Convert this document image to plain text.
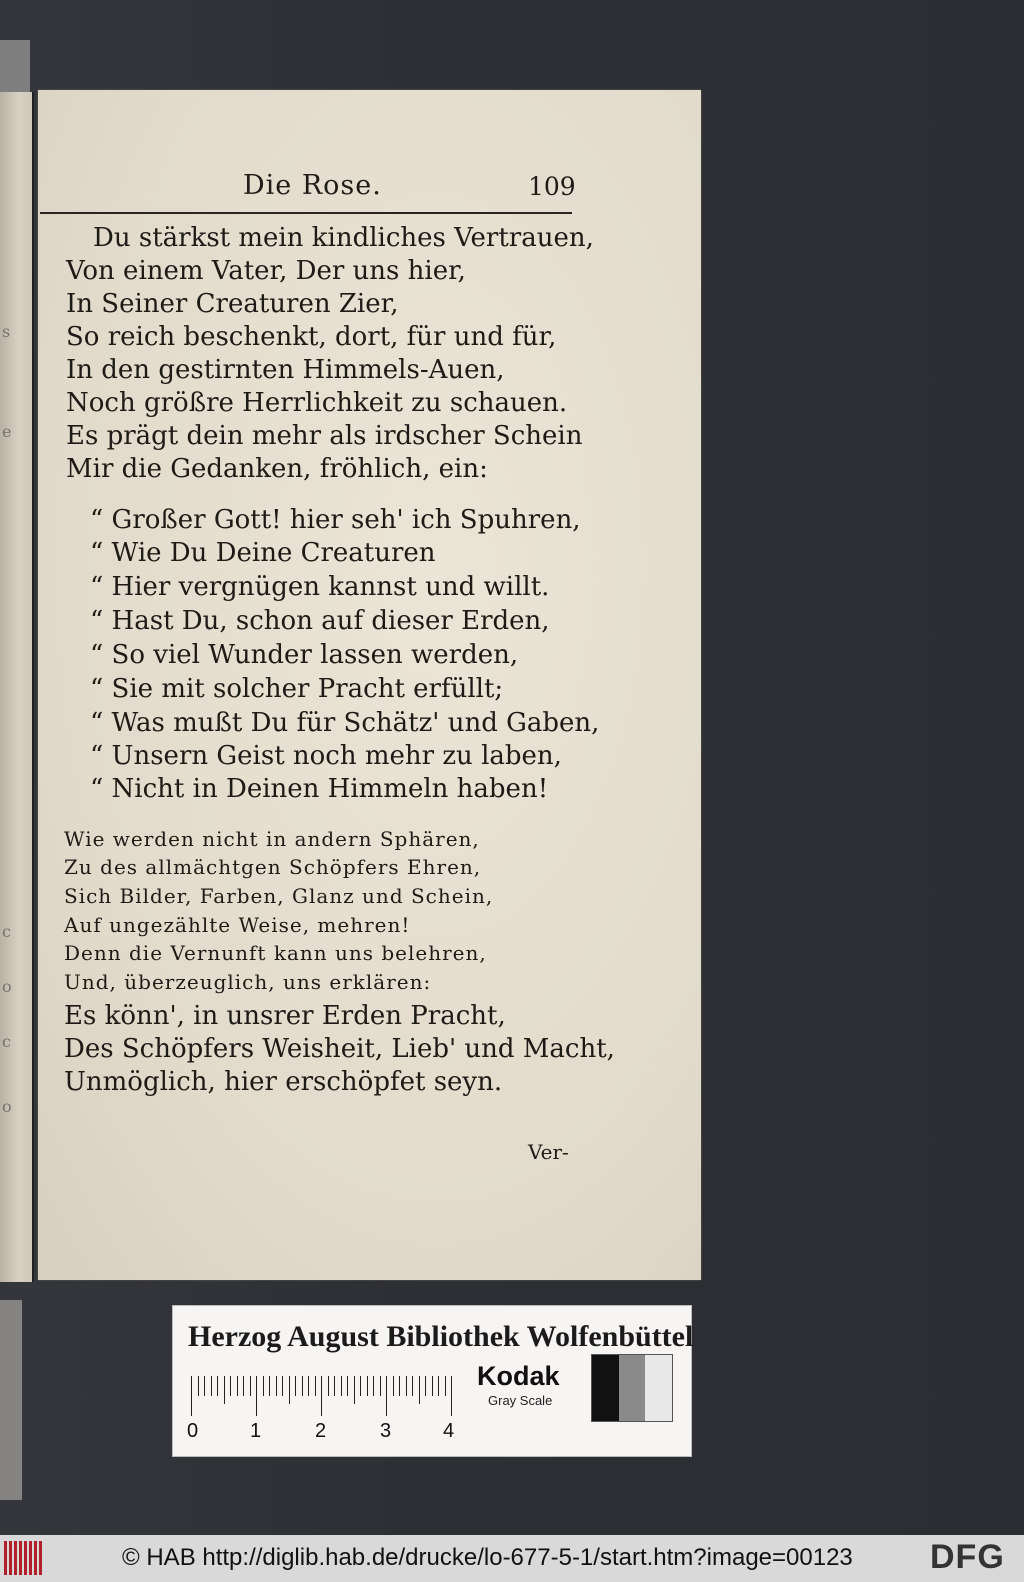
s
e
c
o
c
o
Die Rose.	109
Du stärkst mein kindliches Vertrauen,
Von einem Vater, Der uns hier,
In Seiner Creaturen Zier,
So reich beschenkt, dort, für und für,
In den gestirnten Himmels-Auen,
Noch größre Herrlichkeit zu schauen.
Es prägt dein mehr als irdscher Schein
Mir die Gedanken, fröhlich, ein:
“ Großer Gott! hier seh' ich Spuhren,
“ Wie Du Deine Creaturen
“ Hier vergnügen kannst und willt.
“ Hast Du, schon auf dieser Erden,
“ So viel Wunder lassen werden,
“ Sie mit solcher Pracht erfüllt;
“ Was mußt Du für Schätz' und Gaben,
“ Unsern Geist noch mehr zu laben,
“ Nicht in Deinen Himmeln haben!
Wie werden nicht in andern Sphären,
Zu des allmächtgen Schöpfers Ehren,
Sich Bilder, Farben, Glanz und Schein,
Auf ungezählte Weise, mehren!
Denn die Vernunft kann uns belehren,
Und, überzeuglich, uns erklären:
Es könn', in unsrer Erden Pracht,
Des Schöpfers Weisheit, Lieb' und Macht,
Unmöglich, hier erschöpfet seyn.
Ver-
Herzog August Bibliothek Wolfenbüttel
0	1	2	3	4
Kodak
Gray Scale
© HAB http://diglib.hab.de/drucke/lo-677-5-1/start.htm?image=00123 DFG
